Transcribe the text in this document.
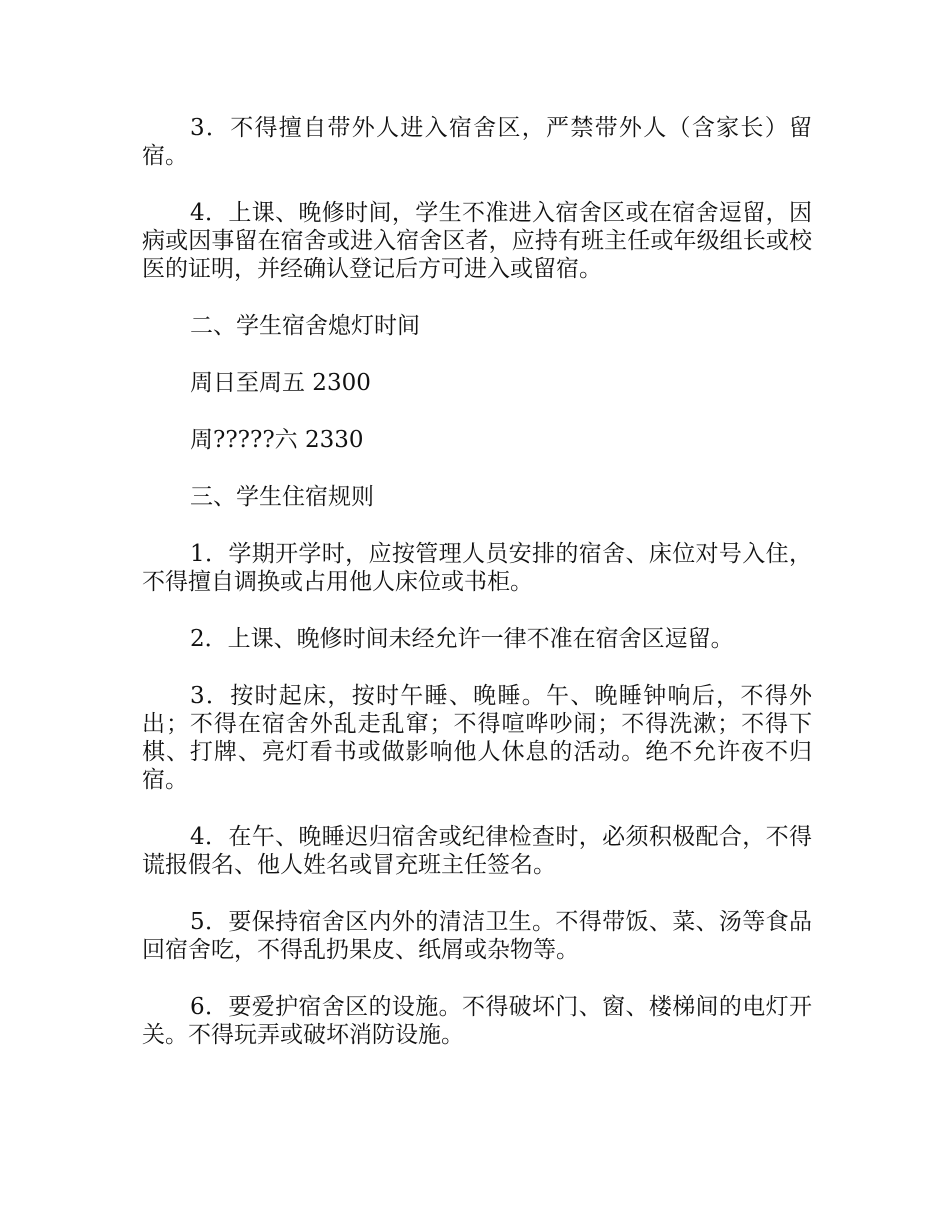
3．不得擅自带外人进入宿舍区，严禁带外人（含家长）留宿。

4．上课、晚修时间，学生不准进入宿舍区或在宿舍逗留，因病或因事留在宿舍或进入宿舍区者，应持有班主任或年级组长或校医的证明，并经确认登记后方可进入或留宿。

二、学生宿舍熄灯时间

周日至周五 2300

周?????六 2330

三、学生住宿规则

1．学期开学时，应按管理人员安排的宿舍、床位对号入住，不得擅自调换或占用他人床位或书柜。

2．上课、晚修时间未经允许一律不准在宿舍区逗留。

3．按时起床，按时午睡、晚睡。午、晚睡钟响后，不得外出；不得在宿舍外乱走乱窜；不得喧哗吵闹；不得洗漱；不得下棋、打牌、亮灯看书或做影响他人休息的活动。绝不允许夜不归宿。

4．在午、晚睡迟归宿舍或纪律检查时，必须积极配合，不得谎报假名、他人姓名或冒充班主任签名。

5．要保持宿舍区内外的清洁卫生。不得带饭、菜、汤等食品回宿舍吃，不得乱扔果皮、纸屑或杂物等。

6．要爱护宿舍区的设施。不得破坏门、窗、楼梯间的电灯开关。不得玩弄或破坏消防设施。
